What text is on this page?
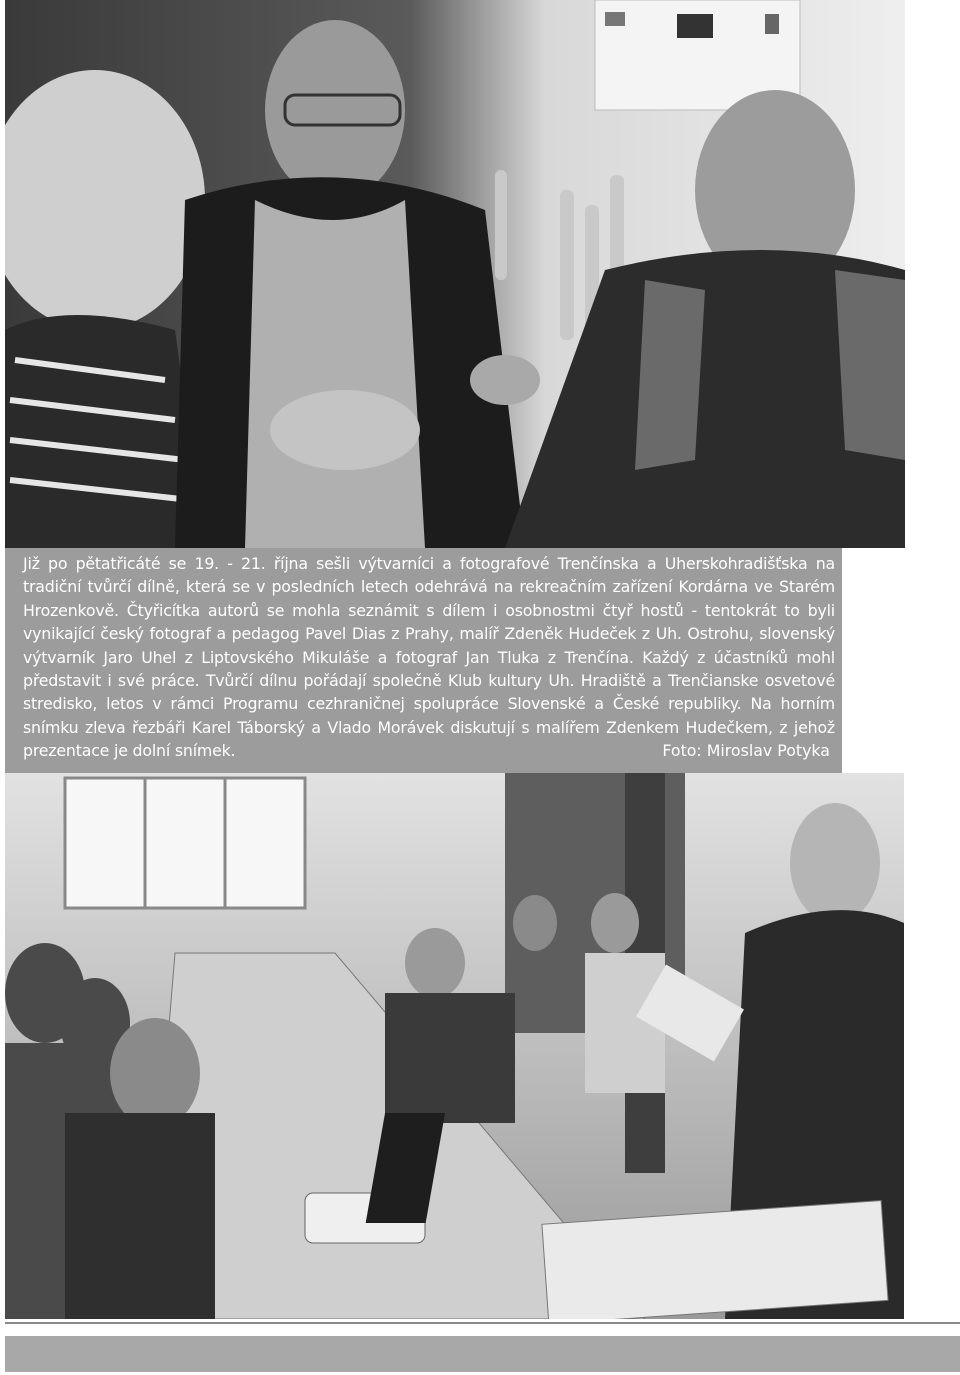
Již po pětatřicáté se 19. - 21. října sešli výtvarníci a fotografové Trenčínska a Uherskohradišťska na tradiční tvůrčí dílně, která se v posledních letech odehrává na rekreačním zařízení Kordárna ve Starém Hrozenkově. Čtyřicítka autorů se mohla seznámit s dílem i osobnostmi čtyř hostů - tentokrát to byli vynikající český fotograf a pedagog Pavel Dias z Prahy, malíř Zdeněk Hudeček z Uh. Ostrohu, slovenský výtvarník Jaro Uhel z Liptovského Mikuláše a fotograf Jan Tluka z Trenčína. Každý z účastníků mohl představit i své práce. Tvůrčí dílnu pořádají společně Klub kultury Uh. Hradiště a Trenčianske osvetové stredisko, letos v rámci Programu cezhraničnej spolupráce Slovenské a České republiky. Na horním snímku zleva řezbáři Karel Táborský a Vlado Morávek diskutují s malířem Zdenkem Hudečkem, z jehož prezentace je dolní snímek.	Foto: Miroslav Potyka
